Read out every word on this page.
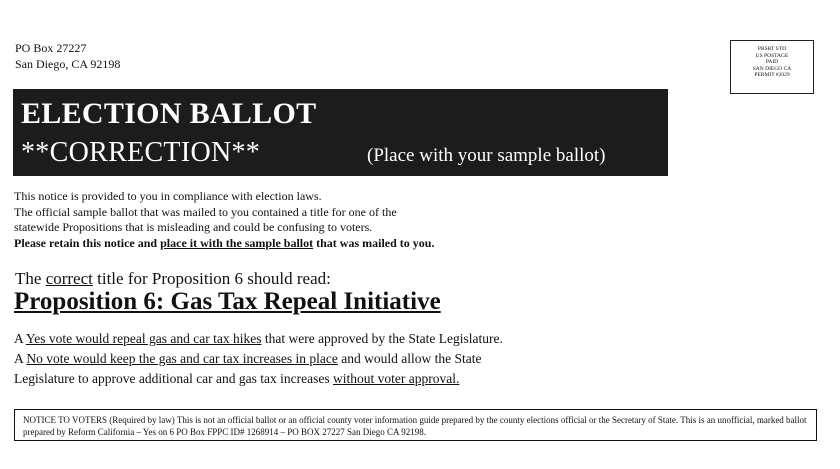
PO Box 27227
San Diego, CA 92198
PRSRT STD
US POSTAGE
PAID
SAN DIEGO CA
PERMIT #2029
ELECTION BALLOT
**CORRECTION**	(Place with your sample ballot)
This notice is provided to you in compliance with election laws.
The official sample ballot that was mailed to you contained a title for one of the
statewide Propositions that is misleading and could be confusing to voters.
Please retain this notice and place it with the sample ballot that was mailed to you.
The correct title for Proposition 6 should read:
Proposition 6: Gas Tax Repeal Initiative
A Yes vote would repeal gas and car tax hikes that were approved by the State Legislature.
A No vote would keep the gas and car tax increases in place and would allow the State
Legislature to approve additional car and gas tax increases without voter approval.
NOTICE TO VOTERS (Required by law) This is not an official ballot or an official county voter information guide prepared by the county elections official or the Secretary of State. This is an unofficial, marked ballot prepared by Reform California – Yes on 6 PO Box FPPC ID# 1268914 – PO BOX 27227 San Diego CA 92198.
